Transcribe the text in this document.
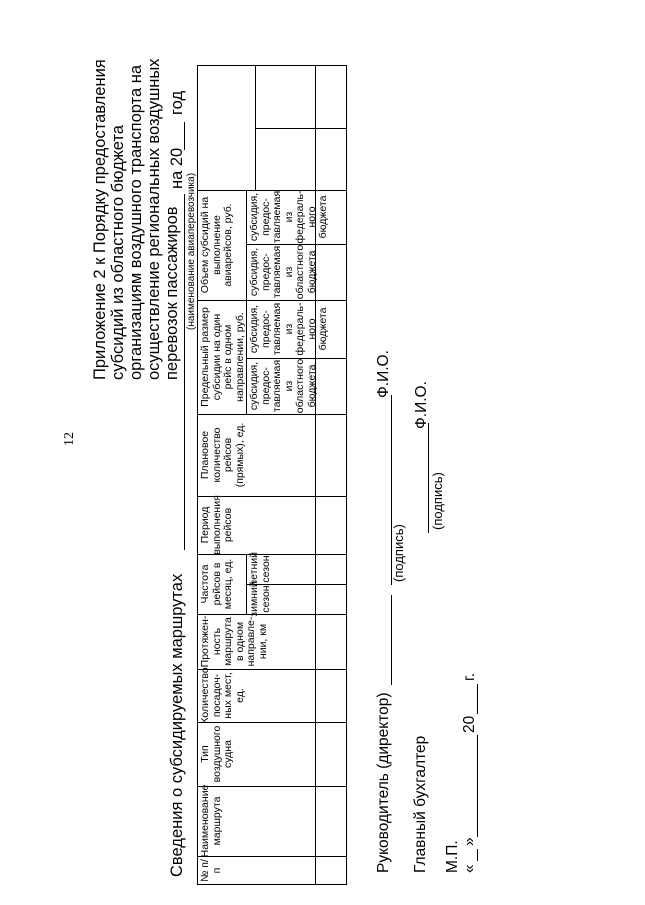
12
Приложение 2 к Порядку предоставления субсидий из областного бюджета организациям воздушного транспорта на осуществление региональных воздушных перевозок пассажиров
Сведения о субсидируемых маршрутах
на 20
год
(наименование авиаперевозчика)
№ п/п
Наименование маршрута
Тип воздушного судна
Количество посадоч-ных мест, ед.
Протяжен-ность маршрута в одном направле-нии, км
Частота рейсов в месяц, ед.	зимний сезон
летний сезон
Период выполнения рейсов
Плановое количество рейсов (прямых), ед.
Предельный размер субсидии на один рейс в одном направлении, руб. субсидия, предос-тавляемая из областного бюджета
субсидия, предос-тавляемая из федераль-ного бюджета
Объем субсидий на выполнение авиарейсов, руб.	субсидия, предос-тавляемая из областного бюджета
субсидия, предос-тавляемая из федераль-ного бюджета
Руководитель (директор)
(подпись)
Ф.И.О.
Главный бухгалтер
(подпись)
Ф.И.О.
М.П. «
»
20
г.
